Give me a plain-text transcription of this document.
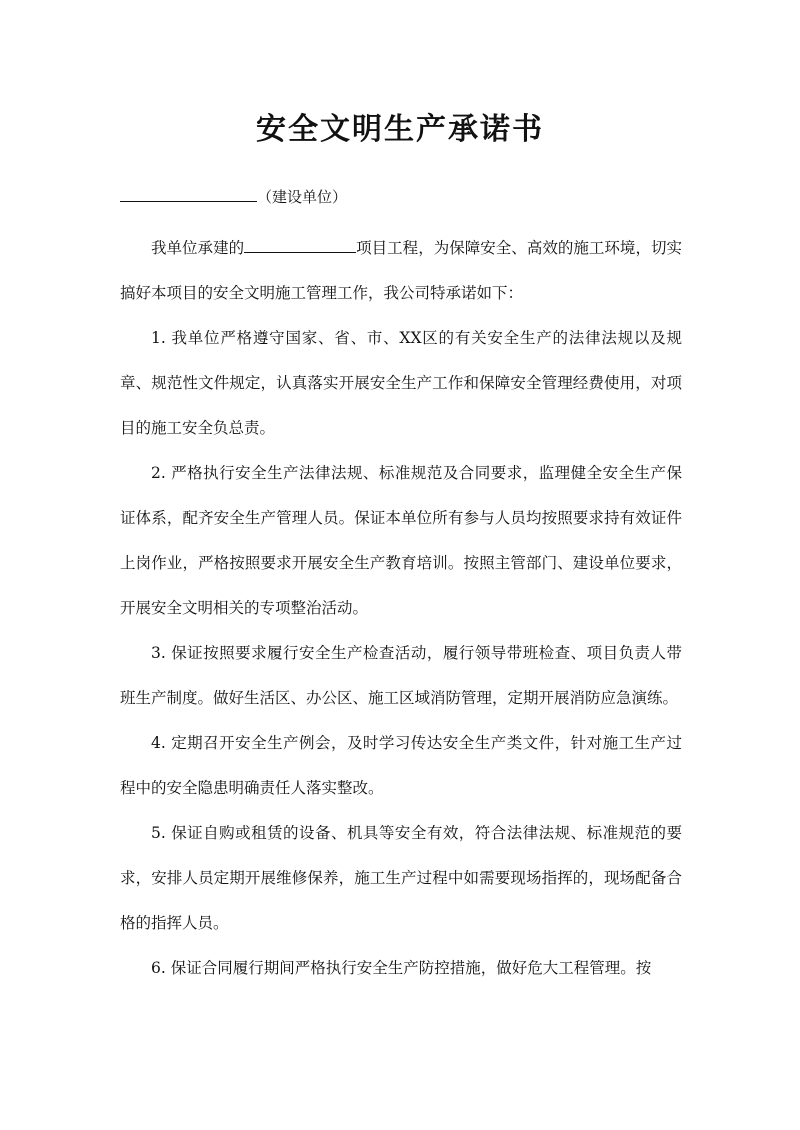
安全文明生产承诺书
（建设单位）

我单位承建的	项目工程，为保障安全、高效的施工环境，切实搞好本项目的安全文明施工管理工作，我公司特承诺如下：

1. 我单位严格遵守国家、省、市、XX区的有关安全生产的法律法规以及规章、规范性文件规定，认真落实开展安全生产工作和保障安全管理经费使用，对项目的施工安全负总责。

2. 严格执行安全生产法律法规、标准规范及合同要求，监理健全安全生产保证体系，配齐安全生产管理人员。保证本单位所有参与人员均按照要求持有效证件上岗作业，严格按照要求开展安全生产教育培训。按照主管部门、建设单位要求，开展安全文明相关的专项整治活动。

3. 保证按照要求履行安全生产检查活动，履行领导带班检查、项目负责人带班生产制度。做好生活区、办公区、施工区域消防管理，定期开展消防应急演练。

4. 定期召开安全生产例会，及时学习传达安全生产类文件，针对施工生产过程中的安全隐患明确责任人落实整改。

5. 保证自购或租赁的设备、机具等安全有效，符合法律法规、标准规范的要求，安排人员定期开展维修保养，施工生产过程中如需要现场指挥的，现场配备合格的指挥人员。

6. 保证合同履行期间严格执行安全生产防控措施，做好危大工程管理。按
